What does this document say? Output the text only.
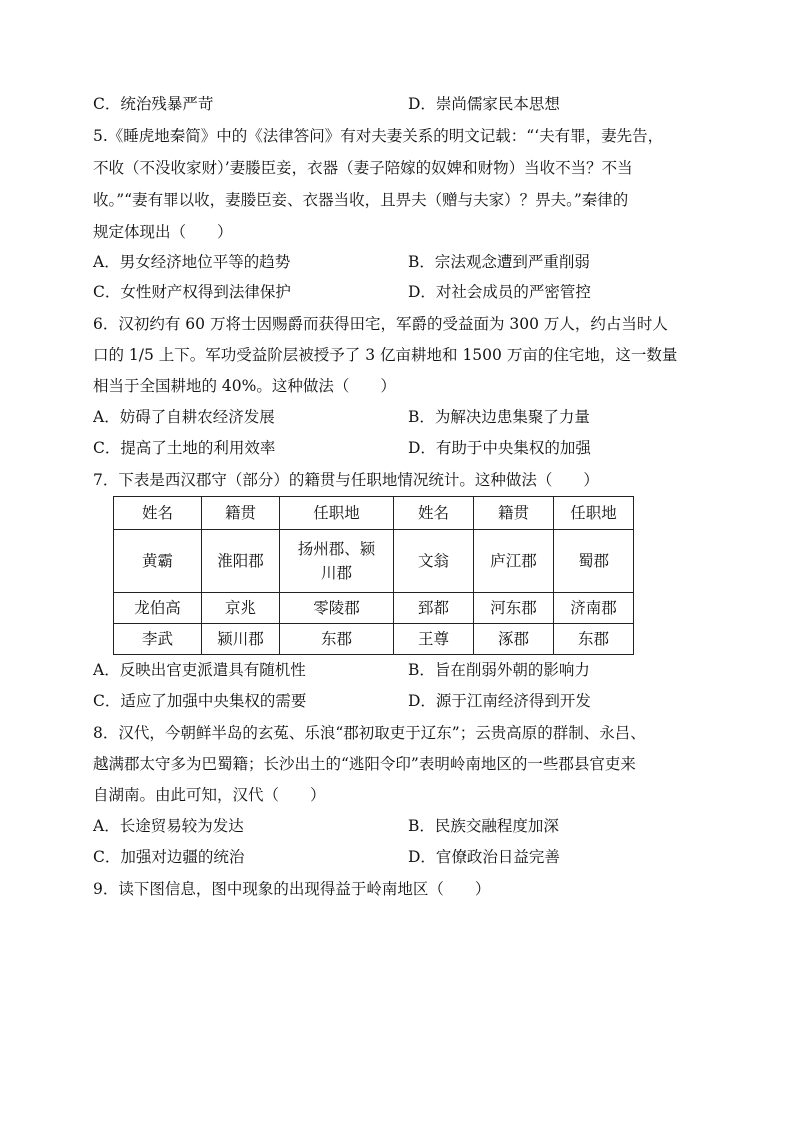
C．统治残暴严苛	D．崇尚儒家民本思想
5.《睡虎地秦简》中的《法律答问》有对夫妻关系的明文记载：“‘夫有罪，妻先告，
不收（不没收家财）’妻媵臣妾，衣器（妻子陪嫁的奴婢和财物）当收不当？不当
收。”“妻有罪以收，妻媵臣妾、衣器当收，且畀夫（赠与夫家）？畀夫。”秦律的
规定体现出（　　）
A．男女经济地位平等的趋势	B．宗法观念遭到严重削弱
C．女性财产权得到法律保护	D．对社会成员的严密管控
6．汉初约有 60 万将士因赐爵而获得田宅，军爵的受益面为 300 万人，约占当时人
口的 1/5 上下。军功受益阶层被授予了 3 亿亩耕地和 1500 万亩的住宅地，这一数量
相当于全国耕地的 40%。这种做法（　　）
A．妨碍了自耕农经济发展	B．为解决边患集聚了力量
C．提高了土地的利用效率	D．有助于中央集权的加强
7．下表是西汉郡守（部分）的籍贯与任职地情况统计。这种做法（　　）
姓名	籍贯	任职地	姓名	籍贯	任职地
黄霸	淮阳郡	扬州郡、颍川郡	文翁	庐江郡	蜀郡
龙伯高	京兆	零陵郡	郅都	河东郡	济南郡
李武	颍川郡	东郡	王尊	涿郡	东郡
A．反映出官吏派遣具有随机性	B．旨在削弱外朝的影响力
C．适应了加强中央集权的需要	D．源于江南经济得到开发
8．汉代，今朝鲜半岛的玄菟、乐浪“郡初取吏于辽东”；云贵高原的群制、永吕、
越满郡太守多为巴蜀籍；长沙出土的“逃阳令印”表明岭南地区的一些郡县官吏来
自湖南。由此可知，汉代（　　）
A．长途贸易较为发达	B．民族交融程度加深
C．加强对边疆的统治	D．官僚政治日益完善
9．读下图信息，图中现象的出现得益于岭南地区（　　）
